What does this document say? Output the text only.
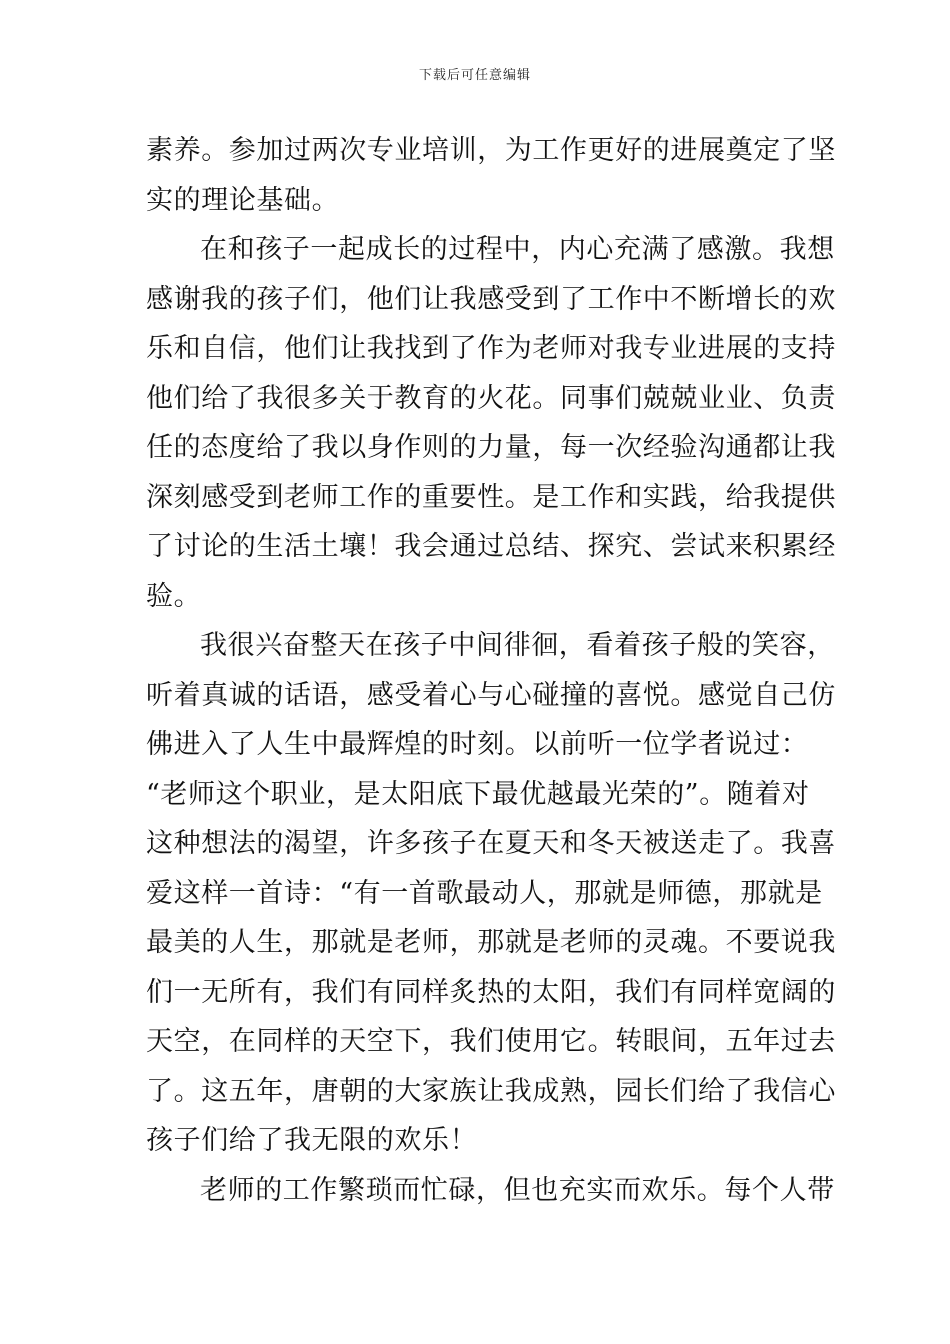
下载后可任意编辑
素养。参加过两次专业培训，为工作更好的进展奠定了坚
实的理论基础。
在和孩子一起成长的过程中，内心充满了感激。我想
感谢我的孩子们，他们让我感受到了工作中不断增长的欢
乐和自信，他们让我找到了作为老师对我专业进展的支持
他们给了我很多关于教育的火花。同事们兢兢业业、负责
任的态度给了我以身作则的力量，每一次经验沟通都让我
深刻感受到老师工作的重要性。是工作和实践，给我提供
了讨论的生活土壤！我会通过总结、探究、尝试来积累经
验。
我很兴奋整天在孩子中间徘徊，看着孩子般的笑容，
听着真诚的话语，感受着心与心碰撞的喜悦。感觉自己仿
佛进入了人生中最辉煌的时刻。以前听一位学者说过：
“老师这个职业，是太阳底下最优越最光荣的”。随着对
这种想法的渴望，许多孩子在夏天和冬天被送走了。我喜
爱这样一首诗：“有一首歌最动人，那就是师德，那就是
最美的人生，那就是老师，那就是老师的灵魂。不要说我
们一无所有，我们有同样炙热的太阳，我们有同样宽阔的
天空，在同样的天空下，我们使用它。转眼间，五年过去
了。这五年，唐朝的大家族让我成熟，园长们给了我信心
孩子们给了我无限的欢乐！
老师的工作繁琐而忙碌，但也充实而欢乐。每个人带
